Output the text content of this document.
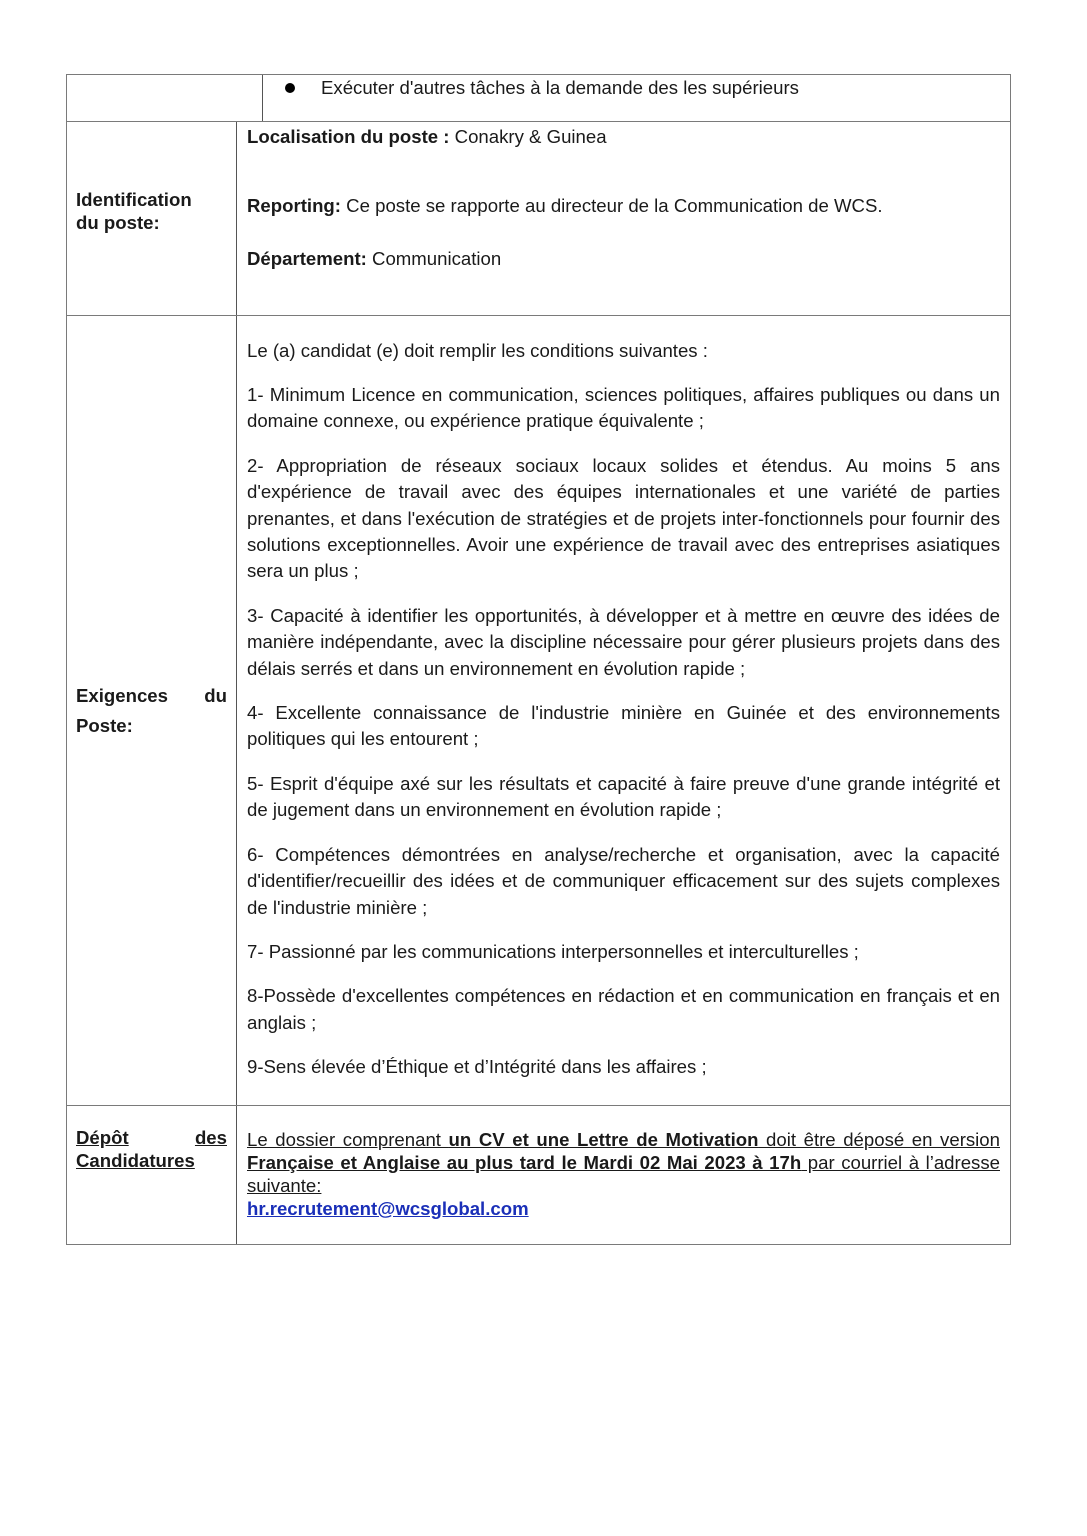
Exécuter d'autres tâches à la demande des les supérieurs
Identification
du poste:
Localisation du poste : Conakry & Guinea
Reporting: Ce poste se rapporte au directeur de la Communication de WCS.
Département: Communication
Exigences du
Poste:

Le (a) candidat (e) doit remplir les conditions suivantes :

1- Minimum Licence en communication, sciences politiques, affaires publiques ou dans un domaine connexe, ou expérience pratique équivalente ;

2- Appropriation de réseaux sociaux locaux solides et étendus. Au moins 5 ans d'expérience de travail avec des équipes internationales et une variété de parties prenantes, et dans l'exécution de stratégies et de projets inter-fonctionnels pour fournir des solutions exceptionnelles. Avoir une expérience de travail avec des entreprises asiatiques sera un plus ;

3- Capacité à identifier les opportunités, à développer et à mettre en œuvre des idées de manière indépendante, avec la discipline nécessaire pour gérer plusieurs projets dans des délais serrés et dans un environnement en évolution rapide ;

4- Excellente connaissance de l'industrie minière en Guinée et des environnements politiques qui les entourent ;

5- Esprit d'équipe axé sur les résultats et capacité à faire preuve d'une grande intégrité et de jugement dans un environnement en évolution rapide ;

6- Compétences démontrées en analyse/recherche et organisation, avec la capacité d'identifier/recueillir des idées et de communiquer efficacement sur des sujets complexes de l'industrie minière ;

7- Passionné par les communications interpersonnelles et interculturelles ;

8-Possède d'excellentes compétences en rédaction et en communication en français et en anglais ;

9-Sens élevée d’Éthique et d’Intégrité dans les affaires ;

Dépôt	des
Candidatures
Le dossier comprenant un CV et une Lettre de Motivation doit être déposé en version Française et Anglaise au plus tard le Mardi 02 Mai 2023 à 17h par courriel à l’adresse suivante:
hr.recrutement@wcsglobal.com
